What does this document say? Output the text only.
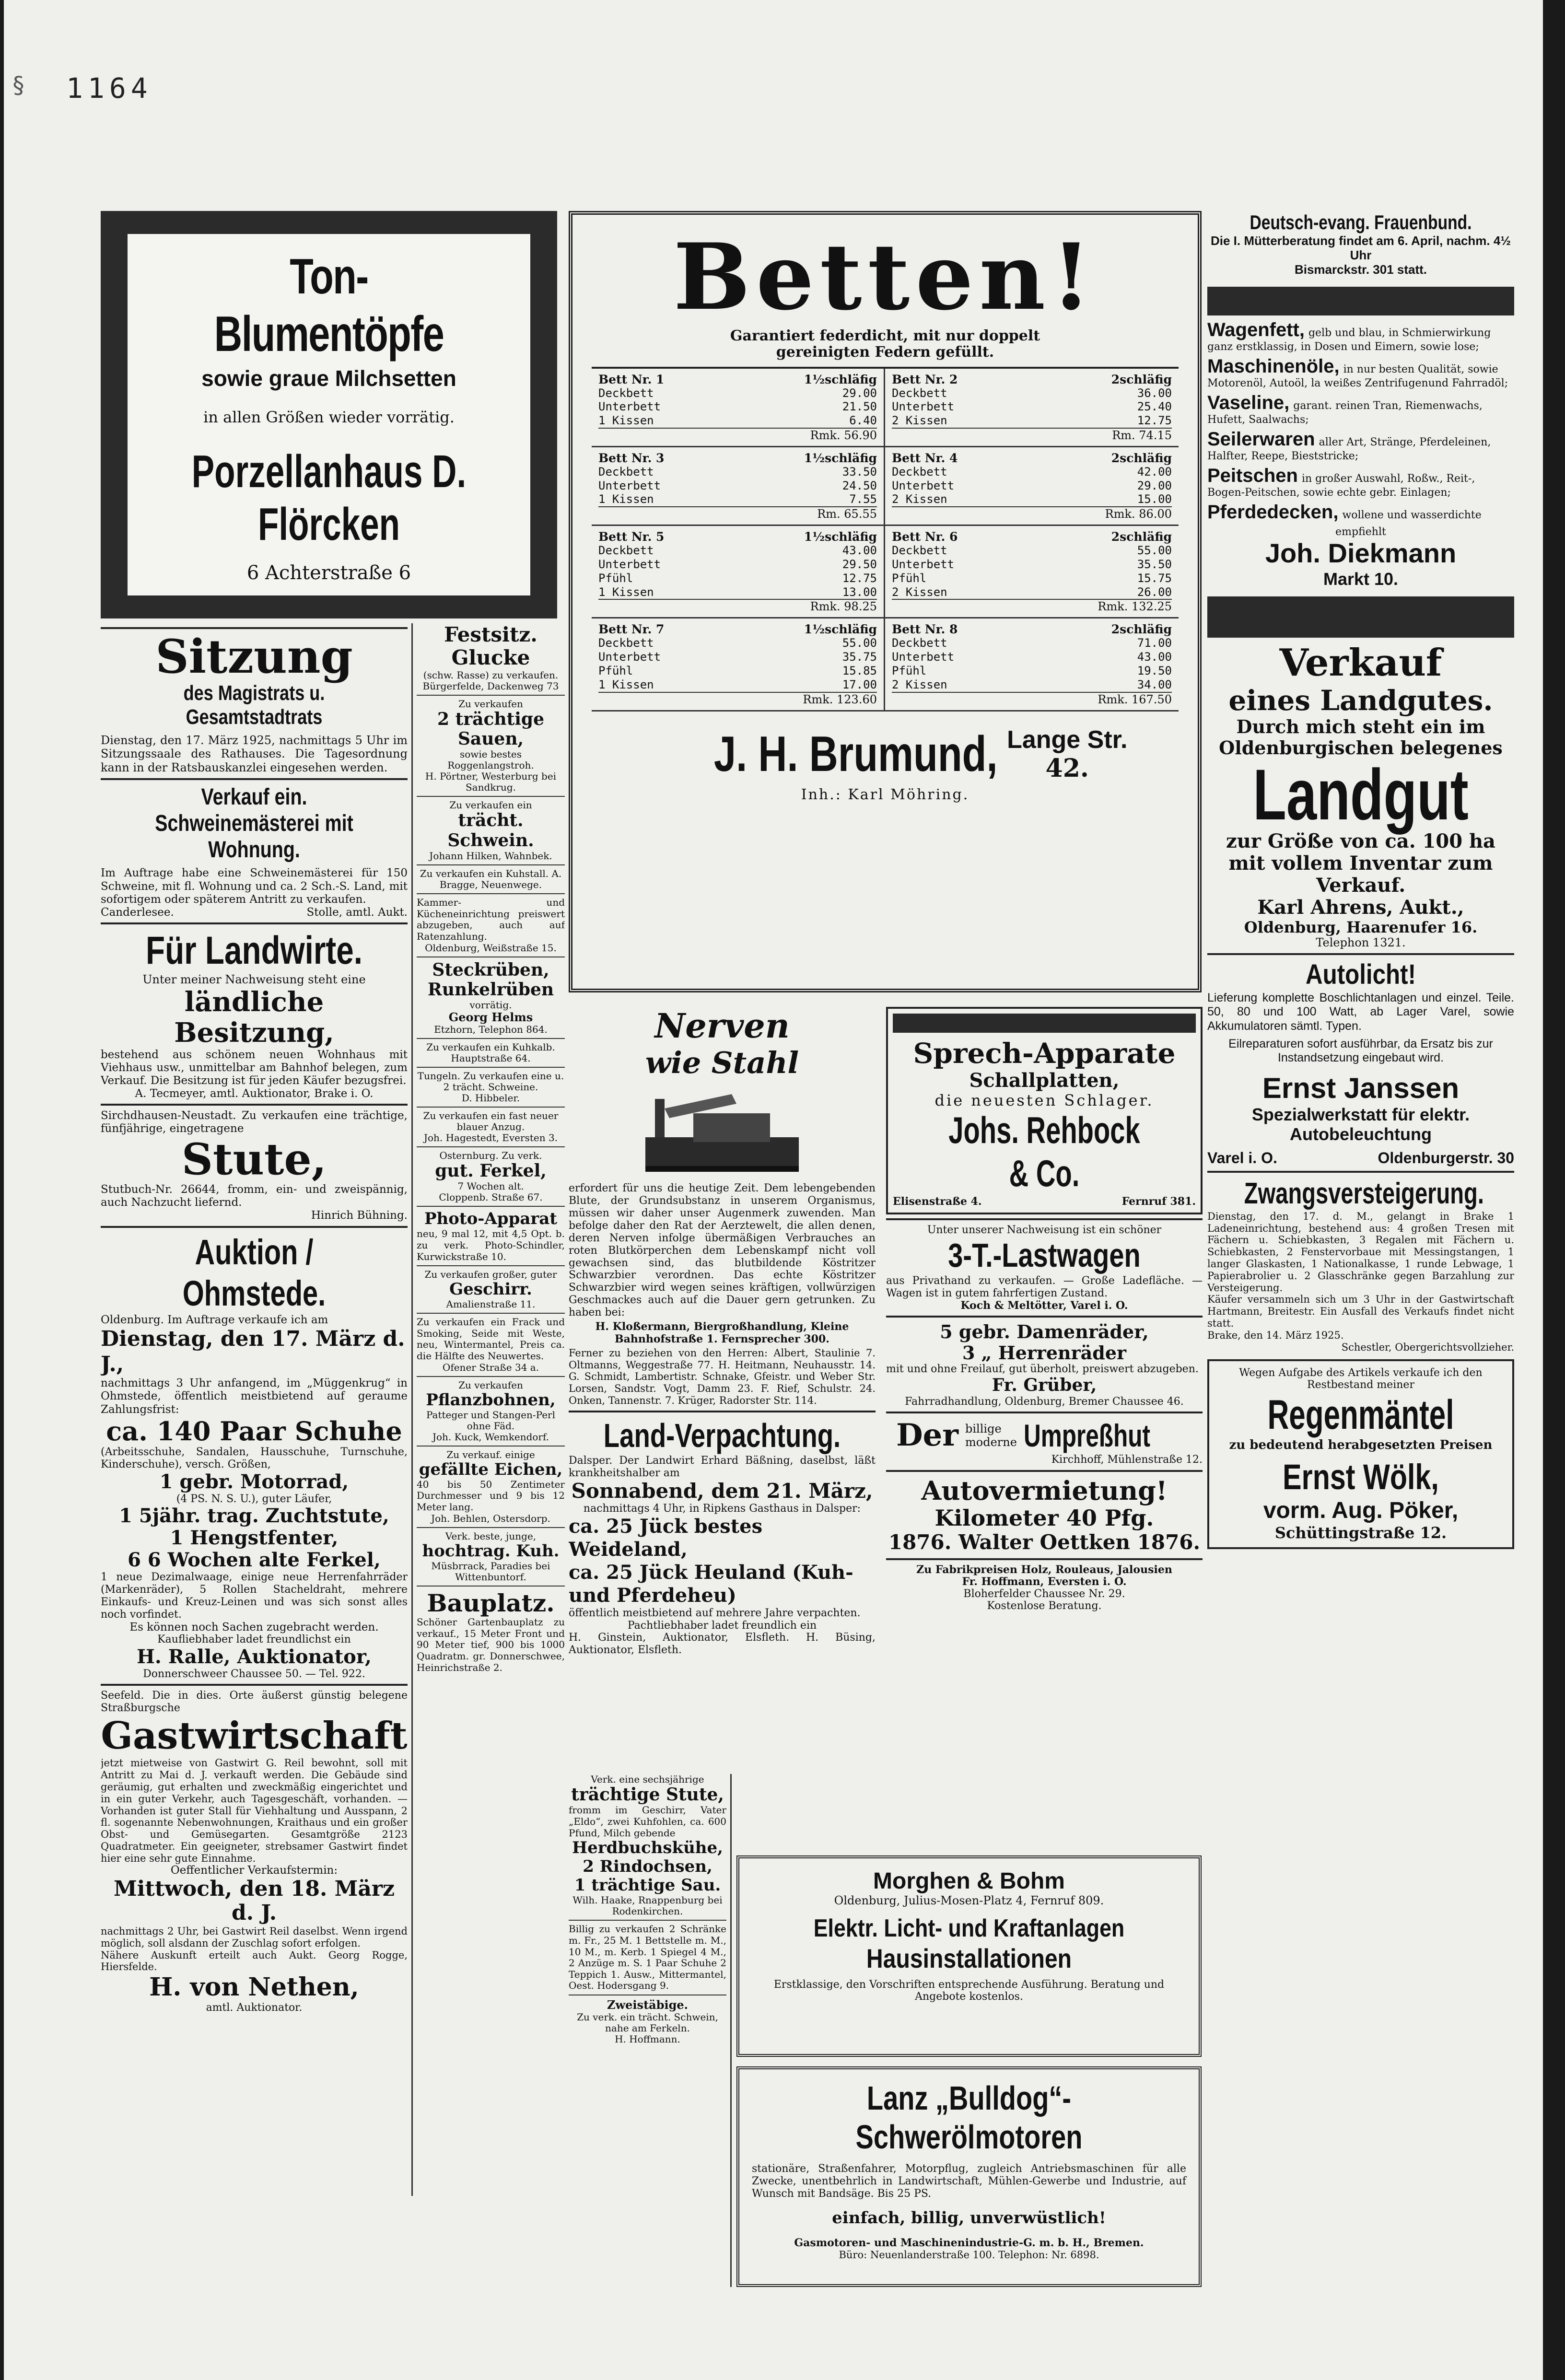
§ 1164
Ton-Blumentöpfe
sowie graue Milchsetten
in allen Größen wieder vorrätig.
Porzellanhaus D. Flörcken
6 Achterstraße 6
Sitzung
des Magistrats u. Gesamtstadtrats
Dienstag, den 17. März 1925, nachmittags 5 Uhr im Sitzungssaale des Rathauses. Die Tagesordnung kann in der Ratsbauskanzlei eingesehen werden.
Verkauf ein. Schweinemästerei mit Wohnung.
Im Auftrage habe eine Schweinemästerei für 150 Schweine, mit fl. Wohnung und ca. 2 Sch.-S. Land, mit sofortigem oder späterem Antritt zu verkaufen.
Canderlesee.	Stolle, amtl. Aukt.
Für Landwirte.
Unter meiner Nachweisung steht eine
ländliche Besitzung,
bestehend aus schönem neuen Wohnhaus mit Viehhaus usw., unmittelbar am Bahnhof belegen, zum Verkauf. Die Besitzung ist für jeden Käufer bezugsfrei.
A. Tecmeyer, amtl. Auktionator, Brake i. O.
Sirchdhausen-Neustadt. Zu verkaufen eine trächtige, fünfjährige, eingetragene
Stute,
Stutbuch-Nr. 26644, fromm, ein- und zweispännig, auch Nachzucht liefernd.
Hinrich Bühning.
Auktion / Ohmstede.
Oldenburg. Im Auftrage verkaufe ich am
Dienstag, den 17. März d. J.,
nachmittags 3 Uhr anfangend, im „Müggenkrug“ in Ohmstede, öffentlich meistbietend auf geraume Zahlungsfrist:
ca. 140 Paar Schuhe
(Arbeitsschuhe, Sandalen, Hausschuhe, Turnschuhe, Kinderschuhe), versch. Größen,
1 gebr. Motorrad,
(4 PS. N. S. U.), guter Läufer,
1 5jähr. trag. Zuchtstute,
1 Hengstfenter,
6 6 Wochen alte Ferkel,
1 neue Dezimalwaage, einige neue Herrenfahrräder (Markenräder), 5 Rollen Stacheldraht, mehrere Einkaufs- und Kreuz-Leinen und was sich sonst alles noch vorfindet.
Es können noch Sachen zugebracht werden.
Kaufliebhaber ladet freundlichst ein
H. Ralle, Auktionator,
Donnerschweer Chaussee 50. — Tel. 922.
Seefeld. Die in dies. Orte äußerst günstig belegene Straßburgsche
Gastwirtschaft
jetzt mietweise von Gastwirt G. Reil bewohnt, soll mit Antritt zu Mai d. J. verkauft werden. Die Gebäude sind geräumig, gut erhalten und zweckmäßig eingerichtet und in ein guter Verkehr, auch Tagesgeschäft, vorhanden. — Vorhanden ist guter Stall für Viehhaltung und Ausspann, 2 fl. sogenannte Nebenwohnungen, Kraithaus und ein großer Obst- und Gemüsegarten. Gesamtgröße 2123 Quadratmeter. Ein geeigneter, strebsamer Gastwirt findet hier eine sehr gute Einnahme.
Oeffentlicher Verkaufstermin:
Mittwoch, den 18. März d. J.
nachmittags 2 Uhr, bei Gastwirt Reil daselbst. Wenn irgend möglich, soll alsdann der Zuschlag sofort erfolgen.
Nähere Auskunft erteilt auch Aukt. Georg Rogge, Hiersfelde.
H. von Nethen,
amtl. Auktionator.
Festsitz. Glucke
(schw. Rasse) zu verkaufen.
Bürgerfelde, Dackenweg 73
Zu verkaufen
2 trächtige Sauen,
sowie bestes Roggenlangstroh.
H. Pörtner, Westerburg bei Sandkrug.
Zu verkaufen ein
trächt. Schwein.
Johann Hilken, Wahnbek.
Zu verkaufen ein Kuhstall. A. Bragge, Neuenwege.
Kammer- und Kücheneinrichtung preiswert abzugeben, auch auf Ratenzahlung.
Oldenburg, Weißstraße 15.
Steckrüben, Runkelrüben
vorrätig.
Georg Helms
Etzhorn, Telephon 864.
Zu verkaufen ein Kuhkalb. Hauptstraße 64.
Tungeln. Zu verkaufen eine u. 2 trächt. Schweine.
D. Hibbeler.
Zu verkaufen ein fast neuer blauer Anzug.
Joh. Hagestedt, Eversten 3.
Osternburg. Zu verk.
gut. Ferkel,
7 Wochen alt.
Cloppenb. Straße 67.
Photo-Apparat
neu, 9 mal 12, mit 4,5 Opt. b. zu verk. Photo-Schindler, Kurwickstraße 10.
Zu verkaufen großer, guter
Geschirr.
Amalienstraße 11.
Zu verkaufen ein Frack und Smoking, Seide mit Weste, neu, Wintermantel, Preis ca. die Hälfte des Neuwertes.
Ofener Straße 34 a.
Zu verkaufen
Pflanzbohnen,
Patteger und Stangen-Perl ohne Fäd.
Joh. Kuck, Wemkendorf.
Zu verkauf. einige
gefällte Eichen,
40 bis 50 Zentimeter Durchmesser und 9 bis 12 Meter lang.
Joh. Behlen, Ostersdorp.
Verk. beste, junge,
hochtrag. Kuh.
Müsbrrack, Paradies bei Wittenbuntorf.
Bauplatz.
Schöner Gartenbauplatz zu verkauf., 15 Meter Front und 90 Meter tief, 900 bis 1000 Quadratm. gr. Donnerschwee, Heinrichstraße 2.
Betten!
Garantiert federdicht, mit nur doppelt
gereinigten Federn gefüllt.
Bett Nr. 1	1½schläfig
Deckbett	29.00
Unterbett	21.50
1 Kissen	6.40
Rmk. 56.90
Bett Nr. 2	2schläfig
Deckbett	36.00
Unterbett	25.40
2 Kissen	12.75
Rm. 74.15
Bett Nr. 3	1½schläfig
Deckbett	33.50
Unterbett	24.50
1 Kissen	7.55
Rm. 65.55
Bett Nr. 4	2schläfig
Deckbett	42.00
Unterbett	29.00
2 Kissen	15.00
Rmk. 86.00
Bett Nr. 5	1½schläfig
Deckbett	43.00
Unterbett	29.50
Pfühl	12.75
1 Kissen	13.00
Rmk. 98.25
Bett Nr. 6	2schläfig
Deckbett	55.00
Unterbett	35.50
Pfühl	15.75
2 Kissen	26.00
Rmk. 132.25
Bett Nr. 7	1½schläfig
Deckbett	55.00
Unterbett	35.75
Pfühl	15.85
1 Kissen	17.00
Rmk. 123.60
Bett Nr. 8	2schläfig
Deckbett	71.00
Unterbett	43.00
Pfühl	19.50
2 Kissen	34.00
Rmk. 167.50
J. H. Brumund, Lange Str.
42.
Inh.: Karl Möhring.
Nerven
wie Stahl
erfordert für uns die heutige Zeit. Dem lebengebenden Blute, der Grundsubstanz in unserem Organismus, müssen wir daher unser Augenmerk zuwenden. Man befolge daher den Rat der Aerztewelt, die allen denen, deren Nerven infolge übermäßigen Verbrauches an roten Blutkörperchen dem Lebenskampf nicht voll gewachsen sind, das blutbildende Köstritzer Schwarzbier verordnen. Das echte Köstritzer Schwarzbier wird wegen seines kräftigen, vollwürzigen Geschmackes auch auf die Dauer gern getrunken. Zu haben bei:
H. Kloßermann, Biergroßhandlung, Kleine Bahnhofstraße 1. Fernsprecher 300.
Ferner zu beziehen von den Herren: Albert, Staulinie 7. Oltmanns, Weggestraße 77. H. Heitmann, Neuhausstr. 14. G. Schmidt, Lambertistr. Schnake, Gfeistr. und Weber Str. Lorsen, Sandstr. Vogt, Damm 23. F. Rief, Schulstr. 24. Onken, Tannenstr. 7. Krüger, Radorster Str. 114.
Land-Verpachtung.
Dalsper. Der Landwirt Erhard Bäßning, daselbst, läßt krankheitshalber am
Sonnabend, dem 21. März,
nachmittags 4 Uhr, in Ripkens Gasthaus in Dalsper:
ca. 25 Jück bestes Weideland,
ca. 25 Jück Heuland (Kuh- und Pferdeheu)
öffentlich meistbietend auf mehrere Jahre verpachten.
Pachtliebhaber ladet freundlich ein
H. Ginstein, Auktionator, Elsfleth. H. Büsing, Auktionator, Elsfleth.
Verk. eine sechsjährige
trächtige Stute,
fromm im Geschirr, Vater „Eldo“, zwei Kuhfohlen, ca. 600 Pfund, Milch gebende
Herdbuchskühe,
2 Rindochsen,
1 trächtige Sau.
Wilh. Haake, Rnappenburg bei Rodenkirchen.
Billig zu verkaufen 2 Schränke m. Fr., 25 M. 1 Bettstelle m. M., 10 M., m. Kerb. 1 Spiegel 4 M., 2 Anzüge m. S. 1 Paar Schuhe 2 Teppich 1. Ausw., Mittermantel, Oest. Hodersgang 9.
Zweistäbige.
Zu verk. ein trächt. Schwein, nahe am Ferkeln.
H. Hoffmann.
Sprech-Apparate
Schallplatten,
die neuesten Schlager.
Johs. Rehbock & Co.
Elisenstraße 4.	Fernruf 381.
Unter unserer Nachweisung ist ein schöner
3-T.-Lastwagen
aus Privathand zu verkaufen. — Große Ladefläche. — Wagen ist in gutem fahrfertigen Zustand.
Koch & Meltötter, Varel i. O.
5 gebr. Damenräder,
3 „ Herrenräder
mit und ohne Freilauf, gut überholt, preiswert abzugeben.
Fr. Grüber,
Fahrradhandlung, Oldenburg, Bremer Chaussee 46.
Der billige
moderne Umpreßhut
Kirchhoff, Mühlenstraße 12.
Autovermietung!
Kilometer 40 Pfg.
1876. Walter Oettken 1876.
Zu Fabrikpreisen Holz, Rouleaus, Jalousien
Fr. Hoffmann, Eversten i. O.
Bloherfelder Chaussee Nr. 29.
Kostenlose Beratung.
Morghen & Bohm
Oldenburg, Julius-Mosen-Platz 4, Fernruf 809.
Elektr. Licht- und Kraftanlagen
Hausinstallationen
Erstklassige, den Vorschriften entsprechende Ausführung. Beratung und Angebote kostenlos.
Lanz „Bulldog“-Schwerölmotoren
stationäre, Straßenfahrer, Motorpflug, zugleich Antriebsmaschinen für alle Zwecke, unentbehrlich in Landwirtschaft, Mühlen-Gewerbe und Industrie, auf Wunsch mit Bandsäge. Bis 25 PS.
einfach, billig, unverwüstlich!
Gasmotoren- und Maschinenindustrie-G. m. b. H., Bremen.
Büro: Neuenlanderstraße 100. Telephon: Nr. 6898.
Deutsch-evang. Frauenbund.
Die I. Mütterberatung findet am 6. April, nachm. 4½ Uhr
Bismarckstr. 301 statt.
Wagenfett, gelb und blau, in Schmierwirkung ganz erstklassig, in Dosen und Eimern, sowie lose;
Maschinenöle, in nur besten Qualität, sowie Motorenöl, Autoöl, la weißes Zentrifugenund Fahrradöl;
Vaseline, garant. reinen Tran, Riemenwachs, Hufett, Saalwachs;
Seilerwaren aller Art, Stränge, Pferdeleinen, Halfter, Reepe, Bieststricke;
Peitschen in großer Auswahl, Roßw., Reit-, Bogen-Peitschen, sowie echte gebr. Einlagen;
Pferdedecken, wollene und wasserdichte
empfiehlt
Joh. Diekmann
Markt 10.
Verkauf
eines Landgutes.
Durch mich steht ein im Oldenburgischen belegenes
Landgut
zur Größe von ca. 100 ha mit vollem Inventar zum Verkauf.
Karl Ahrens, Aukt.,
Oldenburg, Haarenufer 16.
Telephon 1321.
Autolicht!
Lieferung komplette Boschlichtanlagen und einzel. Teile. 50, 80 und 100 Watt, ab Lager Varel, sowie Akkumulatoren sämtl. Typen.
Eilreparaturen sofort ausführbar, da Ersatz bis zur Instandsetzung eingebaut wird.
Ernst Janssen
Spezialwerkstatt für elektr. Autobeleuchtung
Varel i. O.	Oldenburgerstr. 30
Zwangsversteigerung.
Dienstag, den 17. d. M., gelangt in Brake 1 Ladeneinrichtung, bestehend aus: 4 großen Tresen mit Fächern u. Schiebkasten, 3 Regalen mit Fächern u. Schiebkasten, 2 Fenstervorbaue mit Messingstangen, 1 langer Glaskasten, 1 Nationalkasse, 1 runde Lebwage, 1 Papierabrolier u. 2 Glasschränke gegen Barzahlung zur Versteigerung.
Käufer versammeln sich um 3 Uhr in der Gastwirtschaft Hartmann, Breitestr. Ein Ausfall des Verkaufs findet nicht statt.
Brake, den 14. März 1925.
Schestler, Obergerichtsvollzieher.
Wegen Aufgabe des Artikels verkaufe ich den Restbestand meiner
Regenmäntel
zu bedeutend herabgesetzten Preisen
Ernst Wölk,
vorm. Aug. Pöker,
Schüttingstraße 12.
